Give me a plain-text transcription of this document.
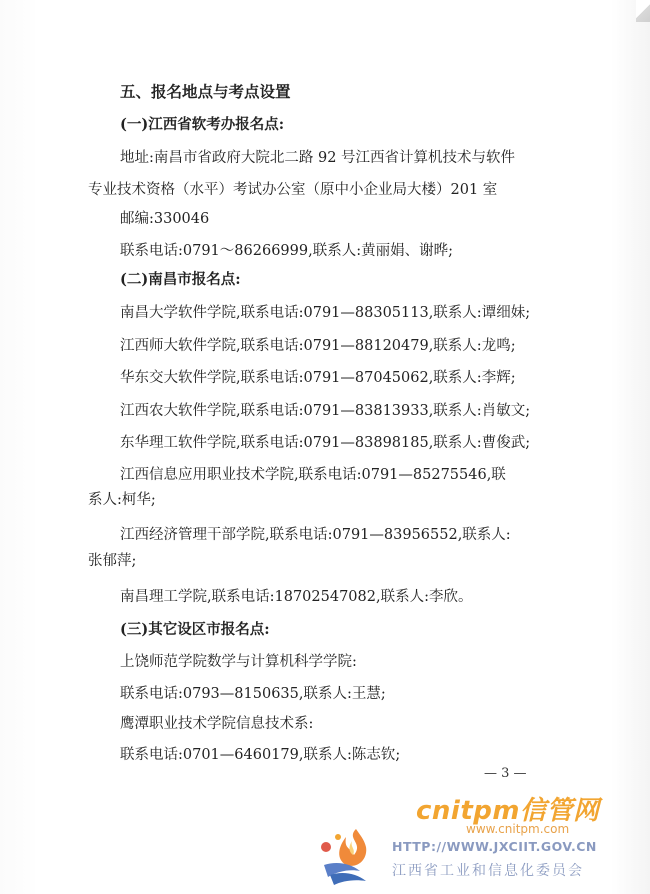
五、报名地点与考点设置
(一)江西省软考办报名点:
地址:南昌市省政府大院北二路 92 号江西省计算机技术与软件
专业技术资格（水平）考试办公室（原中小企业局大楼）201 室
邮编:330046
联系电话:0791～86266999,联系人:黄丽娟、谢晔;
(二)南昌市报名点:
南昌大学软件学院,联系电话:0791—88305113,联系人:谭细妹;
江西师大软件学院,联系电话:0791—88120479,联系人:龙鸣;
华东交大软件学院,联系电话:0791—87045062,联系人:李辉;
江西农大软件学院,联系电话:0791—83813933,联系人:肖敏文;
东华理工软件学院,联系电话:0791—83898185,联系人:曹俊武;
江西信息应用职业技术学院,联系电话:0791—85275546,联
系人:柯华;
江西经济管理干部学院,联系电话:0791—83956552,联系人:
张郁萍;
南昌理工学院,联系电话:18702547082,联系人:李欣。
(三)其它设区市报名点:
上饶师范学院数学与计算机科学学院:
联系电话:0793—8150635,联系人:王慧;
鹰潭职业技术学院信息技术系:
联系电话:0701—6460179,联系人:陈志钦;
— 3 —
cnitpm信管网
www.cnitpm.com
HTTP://WWW.JXCIIT.GOV.CN
江西省工业和信息化委员会
